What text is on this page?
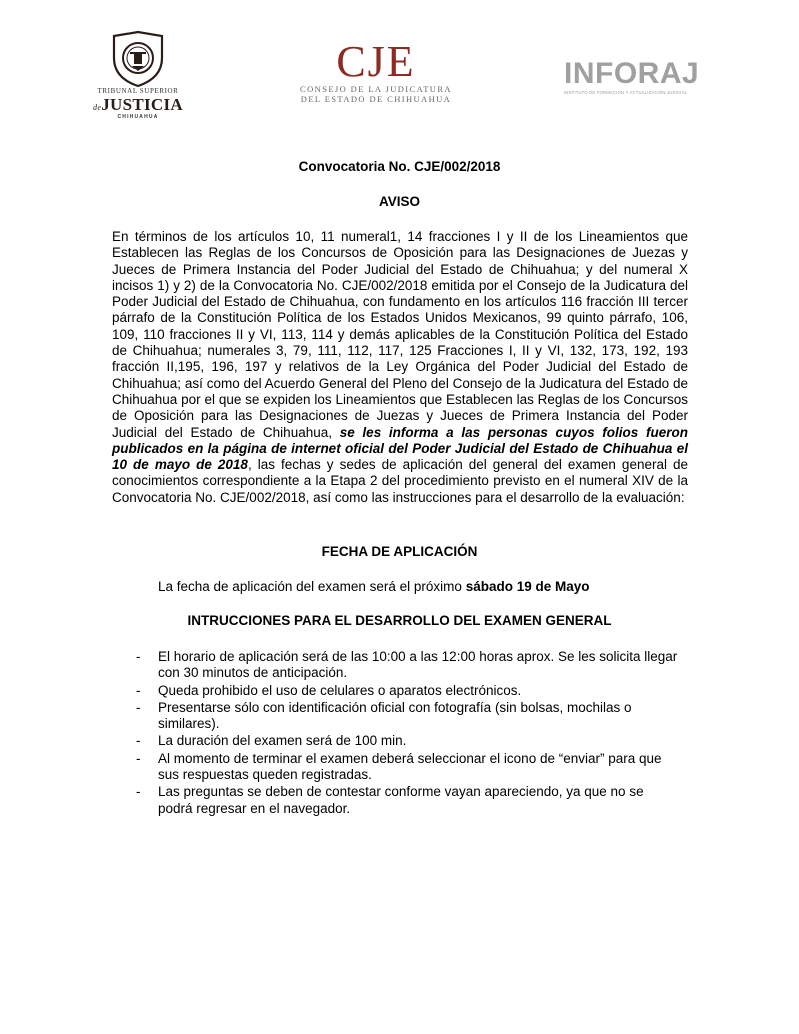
TRIBUNAL SUPERIOR
deJUSTICIA
CHIHUAHUA
CJE
CONSEJO DE LA JUDICATURA
DEL ESTADO DE CHIHUAHUA
INFORAJ
INSTITUTO DE FORMACIÓN Y ACTUALIZACIÓN JUDICIAL
Convocatoria No. CJE/002/2018
AVISO
En términos de los artículos 10, 11 numeral1, 14 fracciones I y II de los Lineamientos que Establecen las Reglas de los Concursos de Oposición para las Designaciones de Juezas y Jueces de Primera Instancia del Poder Judicial del Estado de Chihuahua; y del numeral X incisos 1) y 2) de la Convocatoria No. CJE/002/2018 emitida por el Consejo de la Judicatura del Poder Judicial del Estado de Chihuahua, con fundamento en los artículos 116 fracción III tercer párrafo de la Constitución Política de los Estados Unidos Mexicanos, 99 quinto párrafo, 106, 109, 110 fracciones II y VI, 113, 114 y demás aplicables de la Constitución Política del Estado de Chihuahua; numerales 3, 79, 111, 112, 117, 125 Fracciones I, II y VI, 132, 173, 192, 193 fracción II,195, 196, 197 y relativos de la Ley Orgánica del Poder Judicial del Estado de Chihuahua; así como del Acuerdo General del Pleno del Consejo de la Judicatura del Estado de Chihuahua por el que se expiden los Lineamientos que Establecen las Reglas de los Concursos de Oposición para las Designaciones de Juezas y Jueces de Primera Instancia del Poder Judicial del Estado de Chihuahua, se les informa a las personas cuyos folios fueron publicados en la página de internet oficial del Poder Judicial del Estado de Chihuahua el 10 de mayo de 2018, las fechas y sedes de aplicación del general del examen general de conocimientos correspondiente a la Etapa 2 del procedimiento previsto en el numeral XIV de la Convocatoria No. CJE/002/2018, así como las instrucciones para el desarrollo de la evaluación:
FECHA DE APLICACIÓN
La fecha de aplicación del examen será el próximo sábado 19 de Mayo
INTRUCCIONES PARA EL DESARROLLO DEL EXAMEN GENERAL
- El horario de aplicación será de las 10:00 a las 12:00 horas aprox. Se les solicita llegar con 30 minutos de anticipación.
- Queda prohibido el uso de celulares o aparatos electrónicos.
- Presentarse sólo con identificación oficial con fotografía (sin bolsas, mochilas o similares).
- La duración del examen será de 100 min.
- Al momento de terminar el examen deberá seleccionar el icono de “enviar” para que sus respuestas queden registradas.
- Las preguntas se deben de contestar conforme vayan apareciendo, ya que no se podrá regresar en el navegador.
